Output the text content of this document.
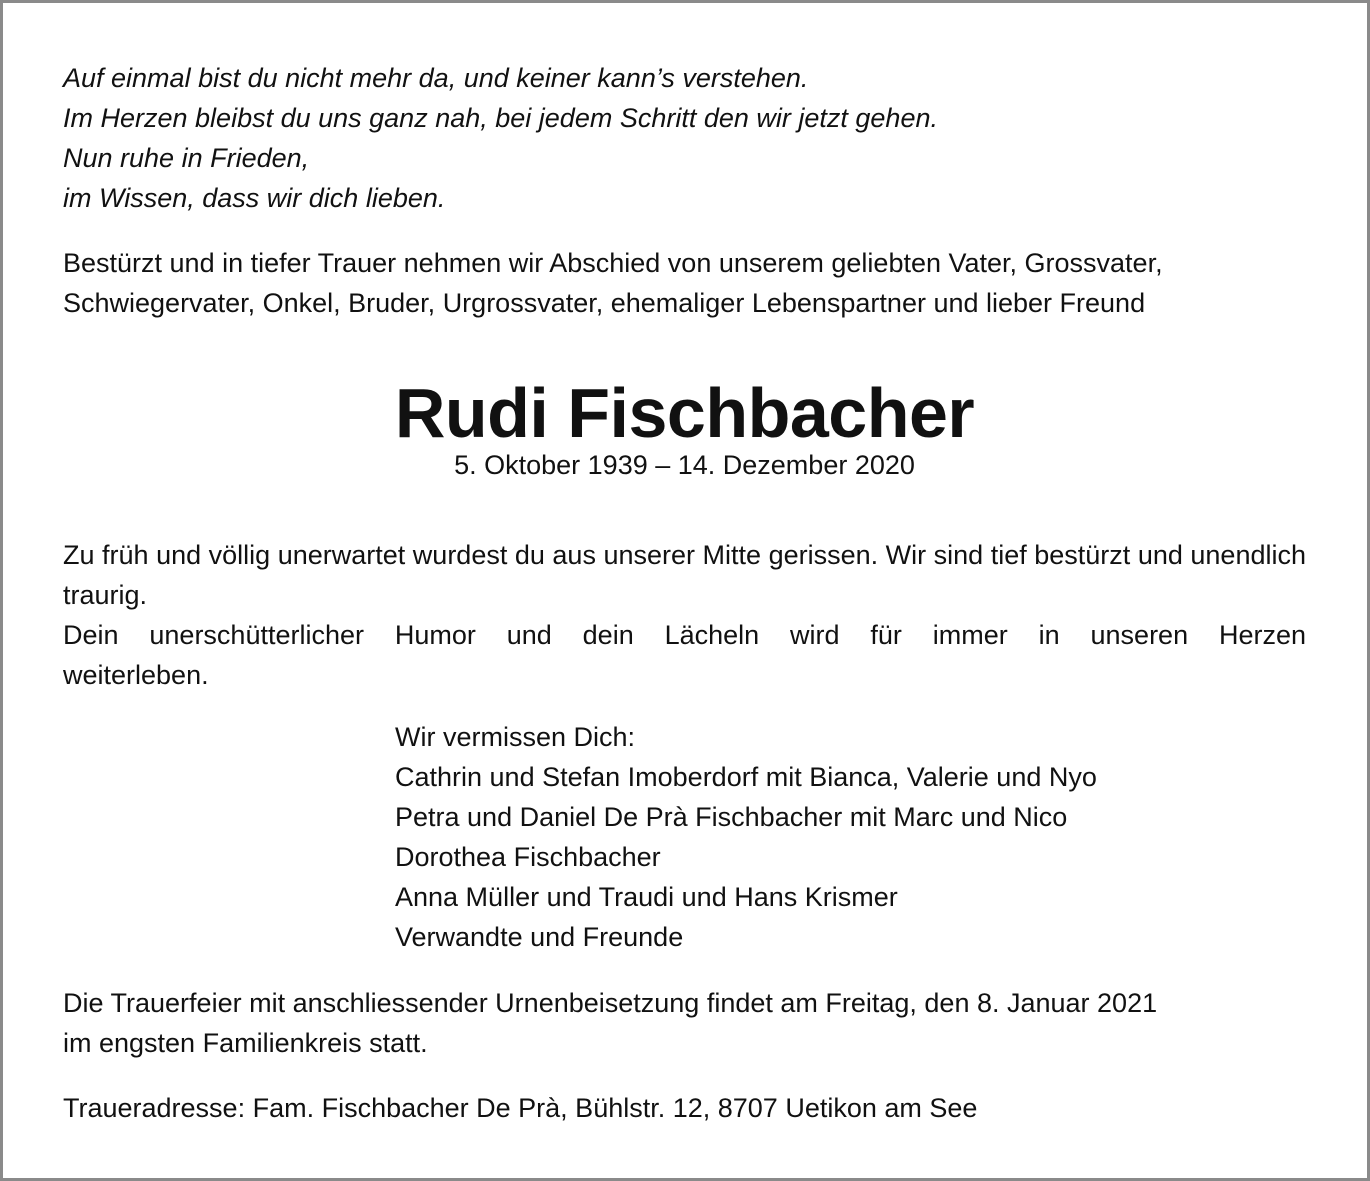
Auf einmal bist du nicht mehr da, und keiner kann’s verstehen.
Im Herzen bleibst du uns ganz nah, bei jedem Schritt den wir jetzt gehen.
Nun ruhe in Frieden,
im Wissen, dass wir dich lieben.
Bestürzt und in tiefer Trauer nehmen wir Abschied von unserem geliebten Vater, Grossvater,
Schwiegervater, Onkel, Bruder, Urgrossvater, ehemaliger Lebenspartner und lieber Freund
Rudi Fischbacher
5. Oktober 1939 – 14. Dezember 2020
Zu früh und völlig unerwartet wurdest du aus unserer Mitte gerissen. Wir sind tief bestürzt und unendlich traurig.
Dein unerschütterlicher Humor und dein Lächeln wird für immer in unseren Herzen
weiterleben.
Wir vermissen Dich:
Cathrin und Stefan Imoberdorf mit Bianca, Valerie und Nyo
Petra und Daniel De Prà Fischbacher mit Marc und Nico
Dorothea Fischbacher
Anna Müller und Traudi und Hans Krismer
Verwandte und Freunde
Die Trauerfeier mit anschliessender Urnenbeisetzung findet am Freitag, den 8. Januar 2021
im engsten Familienkreis statt.
Traueradresse: Fam. Fischbacher De Prà, Bühlstr. 12, 8707 Uetikon am See
